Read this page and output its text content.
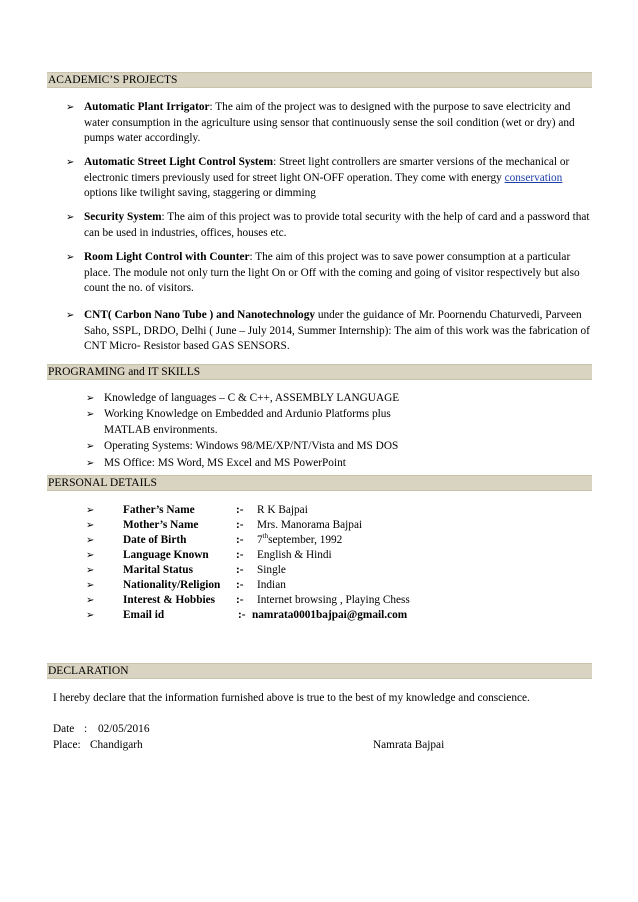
ACADEMIC’S PROJECTS
➢ Automatic Plant Irrigator: The aim of the project was to designed with the purpose to save electricity and water consumption in the agriculture using sensor that continuously sense the soil condition (wet or dry) and pumps water accordingly.
➢ Automatic Street Light Control System: Street light controllers are smarter versions of the mechanical or electronic timers previously used for street light ON-OFF operation. They come with energy conservation options like twilight saving, staggering or dimming
➢ Security System: The aim of this project was to provide total security with the help of card and a password that can be used in industries, offices, houses etc.
➢ Room Light Control with Counter: The aim of this project was to save power consumption at a particular place. The module not only turn the light On or Off with the coming and going of visitor respectively but also count the no. of visitors.
➢ CNT( Carbon Nano Tube ) and Nanotechnology under the guidance of Mr. Poornendu Chaturvedi, Parveen Saho, SSPL, DRDO, Delhi ( June – July 2014, Summer Internship): The aim of this work was the fabrication of CNT Micro- Resistor based GAS SENSORS.
PROGRAMING and IT SKILLS
➢ Knowledge of languages – C & C++, ASSEMBLY LANGUAGE
➢ Working Knowledge on Embedded and Ardunio Platforms plus MATLAB environments.
➢ Operating Systems: Windows 98/ME/XP/NT/Vista and MS DOS
➢ MS Office: MS Word, MS Excel and MS PowerPoint
PERSONAL DETAILS
➢	Father’s Name	:- R K Bajpai
➢	Mother’s Name	:- Mrs. Manorama Bajpai
➢	Date of Birth	:- 7thseptember, 1992
➢	Language Known :- English & Hindi
➢	Marital Status	:- Single
➢	Nationality/Religion :- Indian
➢	Interest & Hobbies :- Internet browsing , Playing Chess
➢	Email id	:- namrata0001bajpai@gmail.com
DECLARATION
I hereby declare that the information furnished above is true to the best of my knowledge and conscience.
Date : 02/05/2016
Place: Chandigarh	Namrata Bajpai
